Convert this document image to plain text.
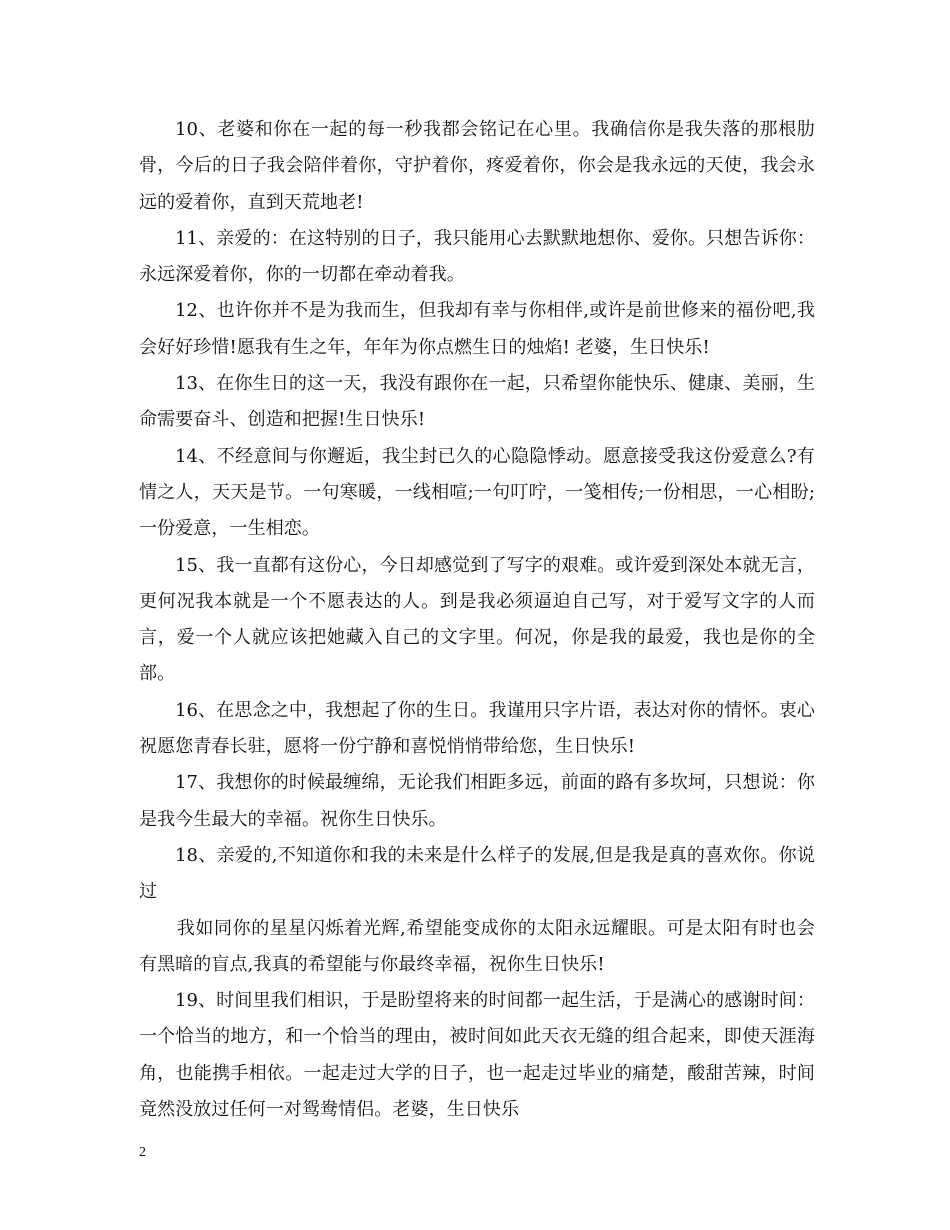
10、老婆和你在一起的每一秒我都会铭记在心里。我确信你是我失落的那根肋骨，今后的日子我会陪伴着你，守护着你，疼爱着你，你会是我永远的天使，我会永远的爱着你，直到天荒地老!

11、亲爱的：在这特别的日子，我只能用心去默默地想你、爱你。只想告诉你：永远深爱着你，你的一切都在牵动着我。

12、也许你并不是为我而生，但我却有幸与你相伴,或许是前世修来的福份吧,我会好好珍惜!愿我有生之年，年年为你点燃生日的烛焰! 老婆，生日快乐!

13、在你生日的这一天，我没有跟你在一起，只希望你能快乐、健康、美丽，生命需要奋斗、创造和把握!生日快乐!

14、不经意间与你邂逅，我尘封已久的心隐隐悸动。愿意接受我这份爱意么?有情之人，天天是节。一句寒暖，一线相喧;一句叮咛，一笺相传;一份相思，一心相盼;一份爱意，一生相恋。

15、我一直都有这份心，今日却感觉到了写字的艰难。或许爱到深处本就无言，更何况我本就是一个不愿表达的人。到是我必须逼迫自己写，对于爱写文字的人而言，爱一个人就应该把她藏入自己的文字里。何况，你是我的最爱，我也是你的全部。

16、在思念之中，我想起了你的生日。我谨用只字片语，表达对你的情怀。衷心祝愿您青春长驻，愿将一份宁静和喜悦悄悄带给您，生日快乐!

17、我想你的时候最缠绵，无论我们相距多远，前面的路有多坎坷，只想说：你是我今生最大的幸福。祝你生日快乐。

18、亲爱的,不知道你和我的未来是什么样子的发展,但是我是真的喜欢你。你说过

我如同你的星星闪烁着光辉,希望能变成你的太阳永远耀眼。可是太阳有时也会有黑暗的盲点,我真的希望能与你最终幸福，祝你生日快乐!

19、时间里我们相识，于是盼望将来的时间都一起生活，于是满心的感谢时间：一个恰当的地方，和一个恰当的理由，被时间如此天衣无缝的组合起来，即使天涯海角，也能携手相依。一起走过大学的日子，也一起走过毕业的痛楚，酸甜苦辣，时间竟然没放过任何一对鸳鸯情侣。老婆，生日快乐

2
